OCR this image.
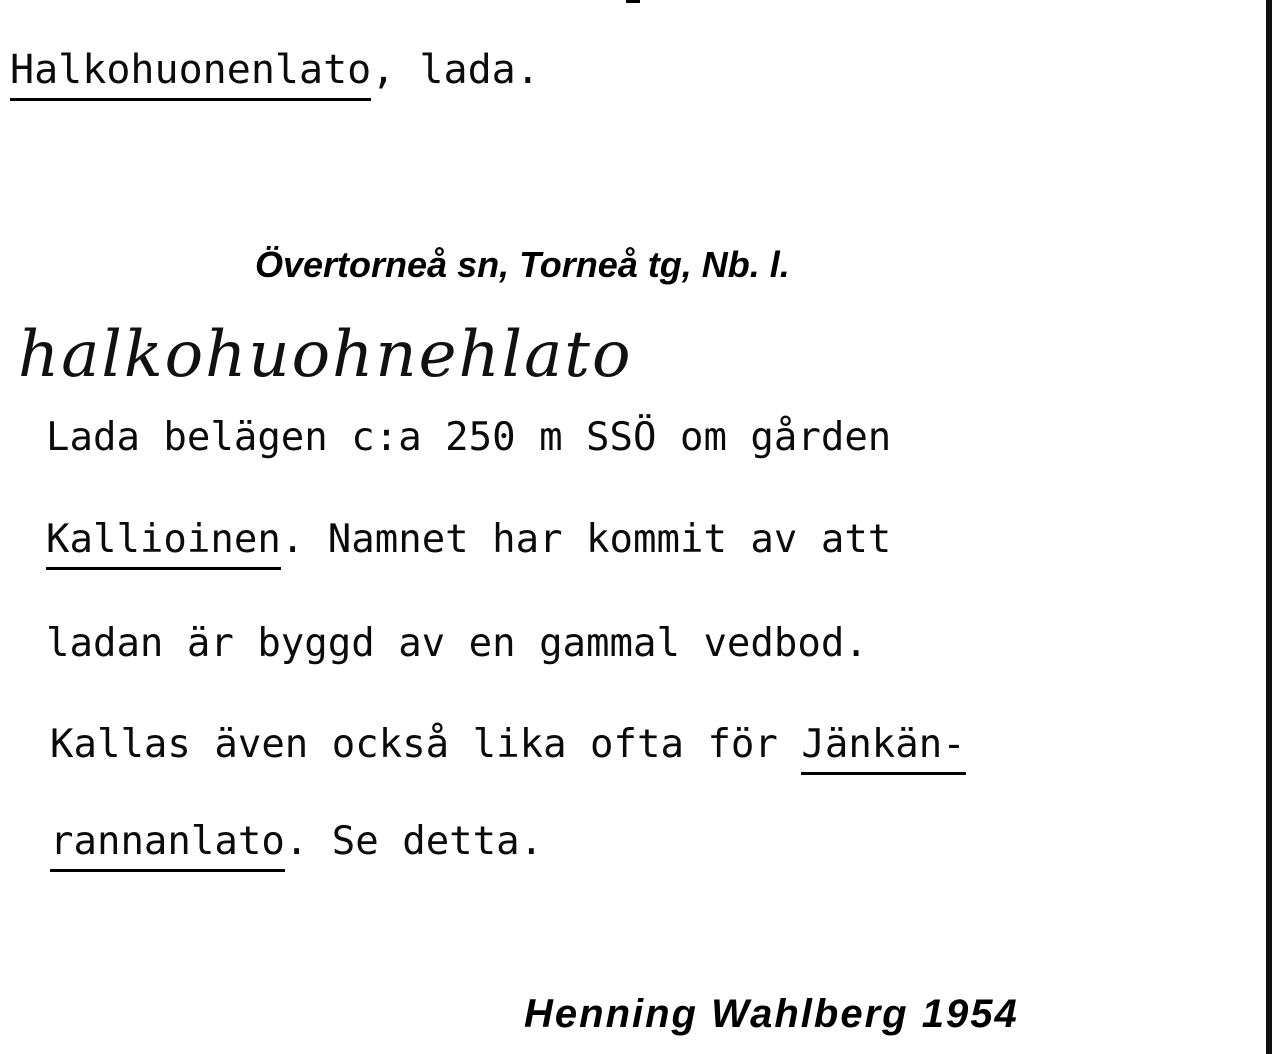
Halkohuonenlato, lada.
Övertorneå sn, Torneå tg, Nb. l.
halkohuohnehlato
Lada belägen c:a 250 m SSÖ om gården
Kallioinen. Namnet har kommit av att
ladan är byggd av en gammal vedbod.
Kallas även också lika ofta för Jänkän-
rannanlato. Se detta.
Henning Wahlberg 1954
